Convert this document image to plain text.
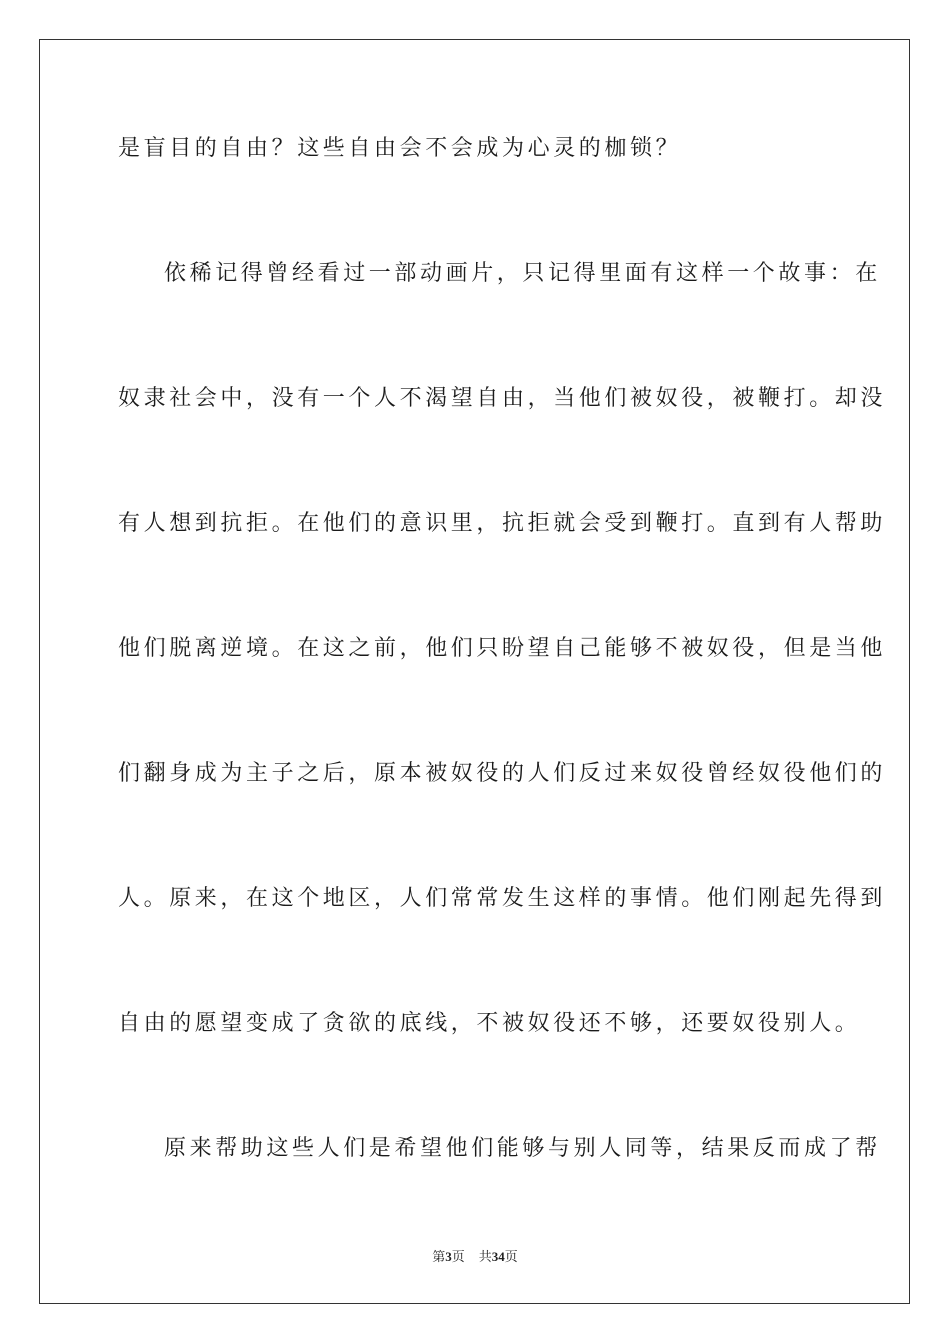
是盲目的自由？这些自由会不会成为心灵的枷锁？
依稀记得曾经看过一部动画片，只记得里面有这样一个故事：在
奴隶社会中，没有一个人不渴望自由，当他们被奴役，被鞭打。却没
有人想到抗拒。在他们的意识里，抗拒就会受到鞭打。直到有人帮助
他们脱离逆境。在这之前，他们只盼望自己能够不被奴役，但是当他
们翻身成为主子之后，原本被奴役的人们反过来奴役曾经奴役他们的
人。原来，在这个地区，人们常常发生这样的事情。他们刚起先得到
自由的愿望变成了贪欲的底线，不被奴役还不够，还要奴役别人。
原来帮助这些人们是希望他们能够与别人同等，结果反而成了帮
第3页 共34页
